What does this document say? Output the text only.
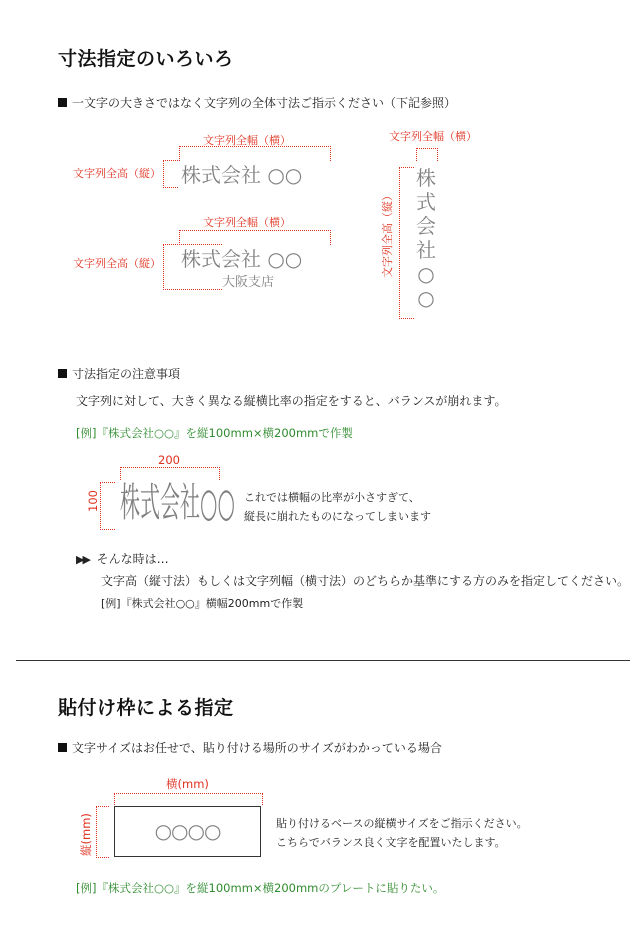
寸法指定のいろいろ
一文字の大きさではなく文字列の全体寸法ご指示ください（下記参照）
文字列全幅（横）
文字列全高（縦） 株式会社 ○○
文字列全幅（横）
文字列全高（縦） 株式会社 ○○
大阪支店
文字列全幅（横）
文字列全高（縦）
株
式
会
社
○
○
寸法指定の注意事項
文字列に対して、大きく異なる縦横比率の指定をすると、バランスが崩れます。
[例]『株式会社○○』を縦100mm×横200mmで作製
200
100 株式会社○○ これでは横幅の比率が小さすぎて、
縦長に崩れたものになってしまいます
▶▶ そんな時は…
文字高（縦寸法）もしくは文字列幅（横寸法）のどちらか基準にする方のみを指定してください。
[例]『株式会社○○』横幅200mmで作製
貼付け枠による指定
文字サイズはお任せで、貼り付ける場所のサイズがわかっている場合
横(mm)
縦(mm)	○○○○	貼り付けるベースの縦横サイズをご指示ください。
こちらでバランス良く文字を配置いたします。
[例]『株式会社○○』を縦100mm×横200mmのプレートに貼りたい。
